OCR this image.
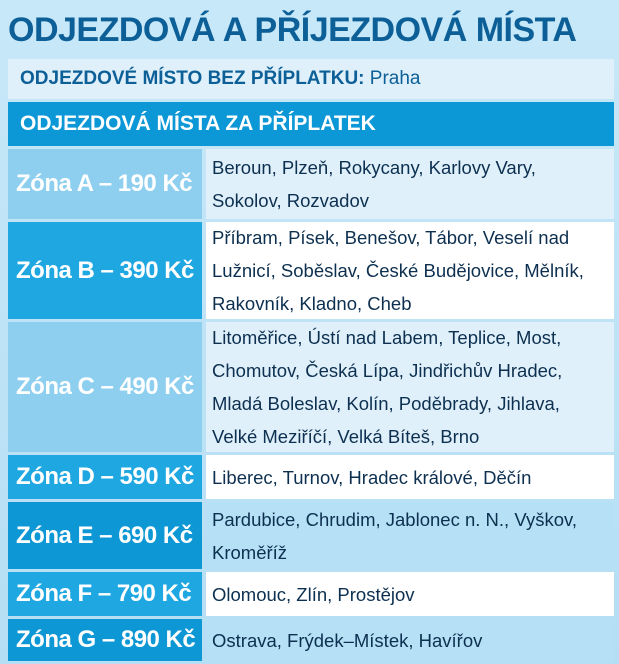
ODJEZDOVÁ A PŘÍJEZDOVÁ MÍSTA
ODJEZDOVÉ MÍSTO BEZ PŘÍPLATKU: Praha
ODJEZDOVÁ MÍSTA ZA PŘÍPLATEK
Zóna A – 190 Kč
Beroun, Plzeň, Rokycany, Karlovy Vary, Sokolov, Rozvadov
Zóna B – 390 Kč
Příbram, Písek, Benešov, Tábor, Veselí nad Lužnicí, Soběslav, České Budějovice, Mělník, Rakovník, Kladno, Cheb
Zóna C – 490 Kč
Litoměřice, Ústí nad Labem, Teplice, Most, Chomutov, Česká Lípa, Jindřichův Hradec, Mladá Boleslav, Kolín, Poděbrady, Jihlava, Velké Meziříčí, Velká Bíteš, Brno
Zóna D – 590 Kč Liberec, Turnov, Hradec králové, Děčín
Zóna E – 690 Kč
Pardubice, Chrudim, Jablonec n. N., Vyškov, Kroměříž
Zóna F – 790 Kč	Olomouc, Zlín, Prostějov
Zóna G – 890 Kč Ostrava, Frýdek–Místek, Havířov
